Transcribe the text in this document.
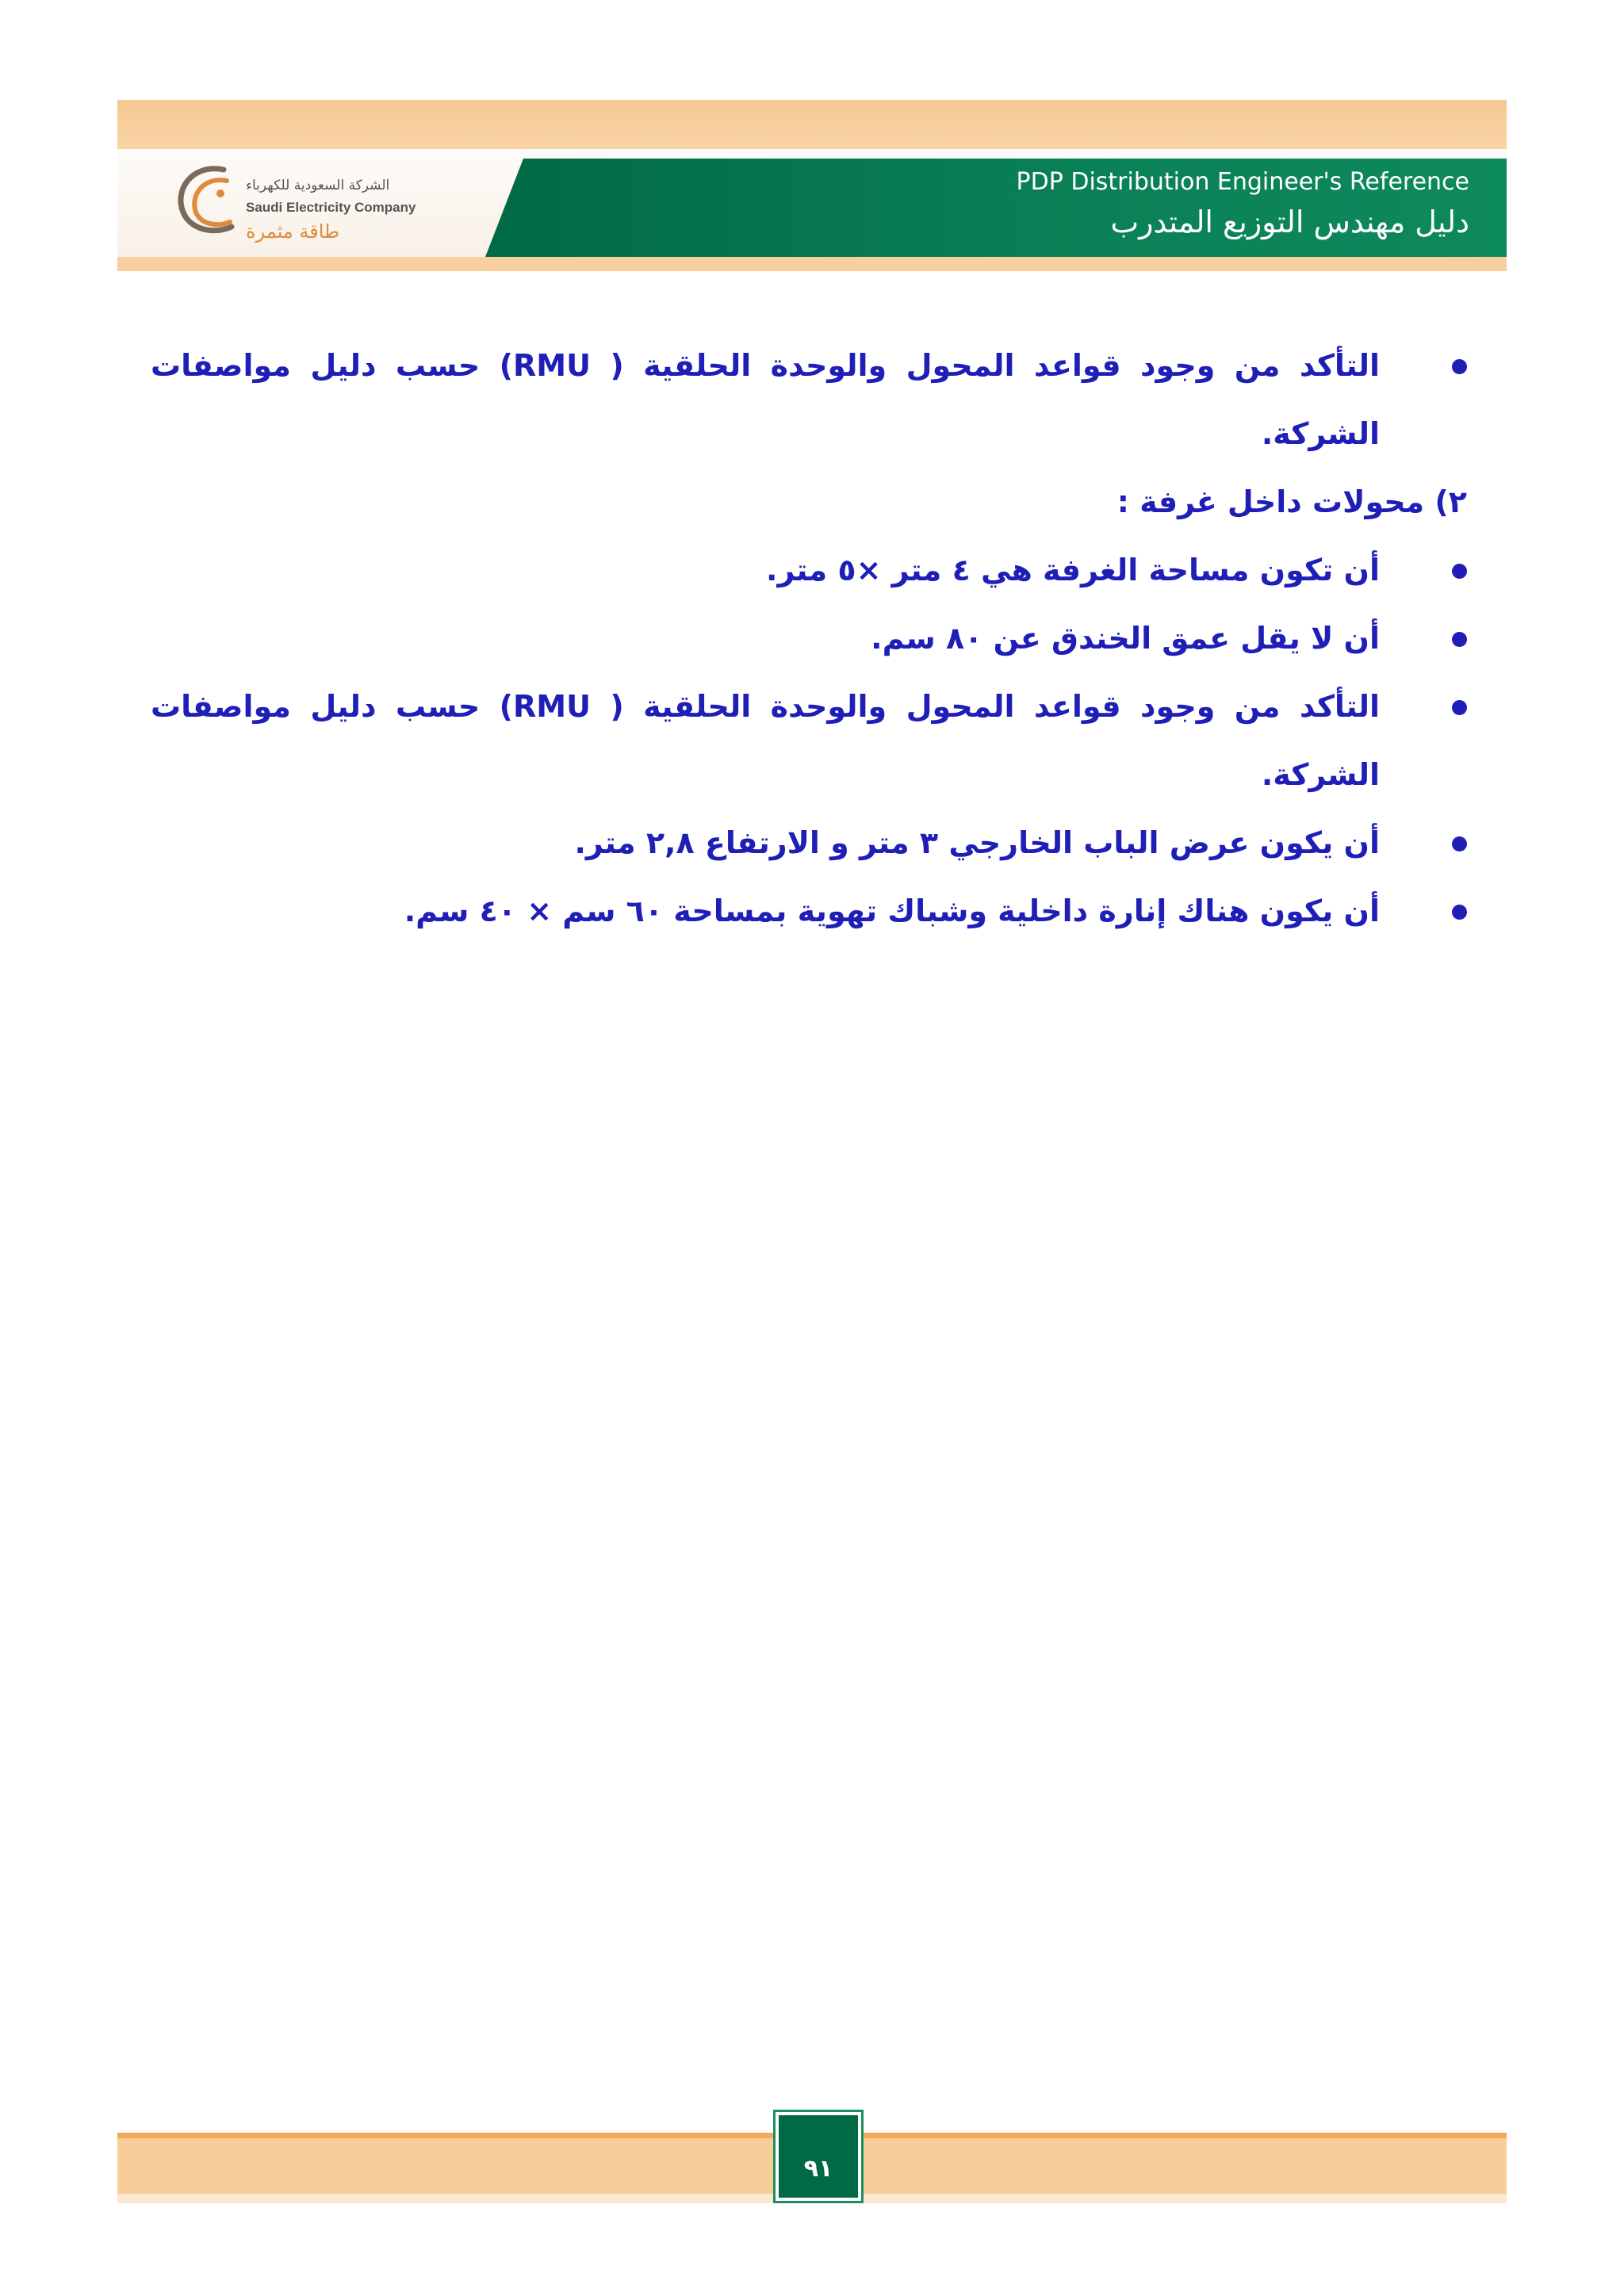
الشركة السعودية للكهرباء
Saudi Electricity Company
طاقة مثمرة
PDP Distribution Engineer's Reference
دليل مهندس التوزيع المتدرب
التأكد من وجود قواعد المحول والوحدة الحلقية ( RMU) حسب دليل مواصفات الشركة.
٢) محولات داخل غرفة :
أن تكون مساحة الغرفة هي ٤ متر ×٥ متر.
أن لا يقل عمق الخندق عن ٨٠ سم.
التأكد من وجود قواعد المحول والوحدة الحلقية ( RMU) حسب دليل مواصفات الشركة.
أن يكون عرض الباب الخارجي ٣ متر و الارتفاع ٢,٨ متر.
أن يكون هناك إنارة داخلية وشباك تهوية بمساحة ٦٠ سم × ٤٠ سم.
٩١
